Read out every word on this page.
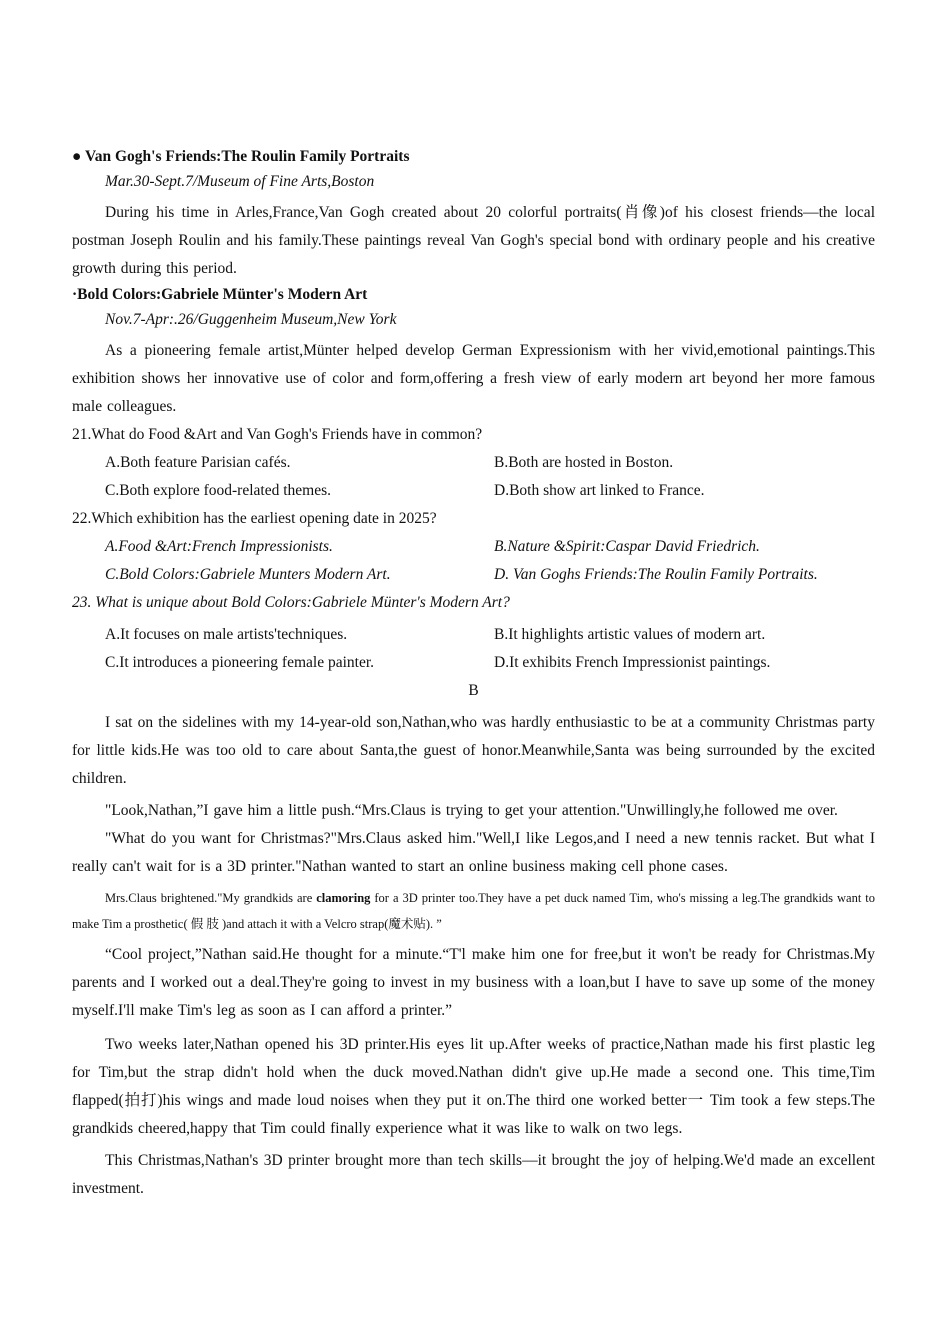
● Van Gogh's Friends:The Roulin Family Portraits

Mar.30-Sept.7/Museum of Fine Arts,Boston

During his time in Arles,France,Van Gogh created about 20 colorful portraits(肖像)of his closest friends—the local postman Joseph Roulin and his family.These paintings reveal Van Gogh's special bond with ordinary people and his creative growth during this period.

·Bold Colors:Gabriele Münter's Modern Art

Nov.7-Apr:.26/Guggenheim Museum,New York

As a pioneering female artist,Münter helped develop German Expressionism with her vivid,emotional paintings.This exhibition shows her innovative use of color and form,offering a fresh view of early modern art beyond her more famous male colleagues.

21.What do Food &Art and Van Gogh's Friends have in common?

A.Both feature Parisian cafés.	B.Both are hosted in Boston.
C.Both explore food-related themes.	D.Both show art linked to France.

22.Which exhibition has the earliest opening date in 2025?

A.Food &Art:French Impressionists.	B.Nature &Spirit:Caspar David Friedrich.
C.Bold Colors:Gabriele Munters Modern Art.	D. Van Goghs Friends:The Roulin Family Portraits.

23. What is unique about Bold Colors:Gabriele Münter's Modern Art?

A.It focuses on male artists'techniques.	B.It highlights artistic values of modern art.
C.It introduces a pioneering female painter.	D.It exhibits French Impressionist paintings.

B

I sat on the sidelines with my 14-year-old son,Nathan,who was hardly enthusiastic to be at a community Christmas party for little kids.He was too old to care about Santa,the guest of honor.Meanwhile,Santa was being surrounded by the excited children.

"Look,Nathan,”I gave him a little push.“Mrs.Claus is trying to get your attention."Unwillingly,he followed me over.

"What do you want for Christmas?"Mrs.Claus asked him."Well,I like Legos,and I need a new tennis racket. But what I really can't wait for is a 3D printer."Nathan wanted to start an online business making cell phone cases.

Mrs.Claus brightened."My grandkids are clamoring for a 3D printer too.They have a pet duck named Tim, who's missing a leg.The grandkids want to make Tim a prosthetic( 假 肢 )and attach it with a Velcro strap(魔术贴). ”

“Cool project,”Nathan said.He thought for a minute.“T'l make him one for free,but it won't be ready for Christmas.My parents and I worked out a deal.They're going to invest in my business with a loan,but I have to save up some of the money myself.I'll make Tim's leg as soon as I can afford a printer.”

Two weeks later,Nathan opened his 3D printer.His eyes lit up.After weeks of practice,Nathan made his first plastic leg for Tim,but the strap didn't hold when the duck moved.Nathan didn't give up.He made a second one. This time,Tim flapped(拍打)his wings and made loud noises when they put it on.The third one worked better一 Tim took a few steps.The grandkids cheered,happy that Tim could finally experience what it was like to walk on two legs.

This Christmas,Nathan's 3D printer brought more than tech skills—it brought the joy of helping.We'd made an excellent investment.
